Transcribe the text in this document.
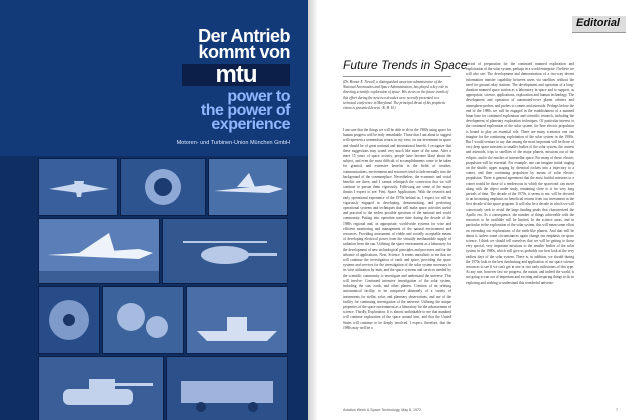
Der Antrieb
kommt von
mtu
power to
the power of
experience
Motoren- und Turbinen-Union München GmbH
Editorial
Future Trends in Space
(Dr. Homer E. Newell, a distinguished associate administrator of the National Aeronautics and Space Administration, has played a key role in directing scientific exploration of space. His views on the future trends of this effort during the next two decades were recently presented to a technical conference in Maryland. The principal thrust of his prophetic vision is presented herein. -R. H. H.)
I am sure that the things we will be able to do in the 1980s using space for human progress will be truly remarkable. Those that I am about to suggest will represent a tremendous return, in my view, on our investment in space and should be of great national and international benefit. I recognize that these suggestions may sound very much like more of the same. After a mere 15 years of space activity, people have become blasé about the subject, and even the most difficult of accomplishments come to be taken for granted, and extensive benefits in the fields of weather, communications, environment and resources tend to fade mentally into the background of the commonplace. Nevertheless, the economic and social benefits are there, and I cannot relinquish the conviction that we will continue to pursue them vigorously. Following are some of the major thrusts I expect to see: First, Space Applications. With the research and early operational experience of the 1970s behind us, I expect we will be vigorously engaged in developing, demonstrating, and perfecting operational systems and techniques that will make space activities useful and practical to the widest possible spectrum of the national and world community. Putting into operation some time during the decade of the 1980s regional and, as appropriate, world-wide systems for wise and efficient monitoring and management of the natural environment and resources. Providing assessment of viable and socially acceptable means of developing electrical power from the virtually inexhaustible supply of radiation from the sun. Utilizing the space environment as a laboratory for the development of new technological principles and processes and for the advance of applications. Next, Science. It seems unrealistic to me that we will continue the investigation of earth and space, providing the space systems and services for the investigation of the solar system necessary to its wise utilization by man, and the space systems and services needed by the scientific community to investigate and understand the universe. This will involve: Continued intensive investigation of the solar system, including the sun, earth, and other planets. Creation of an orbiting astronomical facility, to be comprised ultimately of a variety of instruments for stellar, solar, and planetary observations, and use of the facility for continuing investigation of the universe. Utilizing the unique properties of the space environment as a laboratory for the advancement of science. Thirdly, Exploration. It is almost unthinkable to me that mankind will continue exploration of the space around him, and that the United States will continue to be deeply involved. I expect, therefore, that the 1980s may well be a
period of preparation for the continued manned exploration and exploitation of the solar system, perhaps in a world enterprise. I believe we will also see: The development and demonstration of a two-way decent information transfer capability between users via satellites without the need for ground relay stations. The development and operation of a long-duration manned space station as a laboratory in space and to support, as appropriate, science, applications, exploration and human technology. The development and operation of automated-rover planet orbiters and atmosphere probes, and probes to comets and asteroids. Perhaps before the end of the 1980s we will be engaged in the establishment of a manned lunar base for continued exploration and scientific research, including the development of planetary exploration techniques. Of particular interest to the continued exploration of the solar system, for here electric propulsion is bound to play an essential role. There are many scenarios one can imagine for the continuing exploitation of the solar system in the 1980s. But I would venture to say that among the most important will be those of very deep space missions to smaller bodies of the solar system, the comets and asteroids, trips to satellites of the major planets, missions out of the ecliptic, and to the reaches of interstellar space. For many of these, electric propulsion will be essential. For example, one can imagine initial staging on the shuttle, upper staging by chemical rockets into a trajectory to a comet, and then continuing propulsion by means of solar electric propulsion. There is general agreement that the most fruitful missions to a comet would be those of a rendezvous in which the spacecraft can move along with the object under study, remaining close to it for very long periods of time. The decade of the 1970s, it seems to me, will be devoted to an increasing emphasis on beneficial returns from our investment in the first decade of the space program. It will also be a decade in which we will consciously seek to avoid the large funding peaks that characterized the Apollo era. As a consequence, the number of things achievable with the resources to be available will be limited. In the science areas, and in particular in the exploration of the solar system, this will mean some effort on extending our explorations of the earth-like planets. And that will be about it, unless some circumstances again change our emphasis on space science. I think we should tell ourselves that we will be getting to those very special, very important missions to the smaller bodies of the solar system in the 1980s, which will give us probably our best look at the very earliest days of the solar system. There is, in addition, we should during the 1970s look to the best fundraising and application of our space science resources to see if we can't get in one or two early milestones of this type. At any rate, however fast we progress, the nation, and indeed the world, is not going to run out of important and exciting and inspiring things to do in exploring and seeking to understand this wonderful universe.
Aviation Week & Space Technology, May 8, 1972	7
